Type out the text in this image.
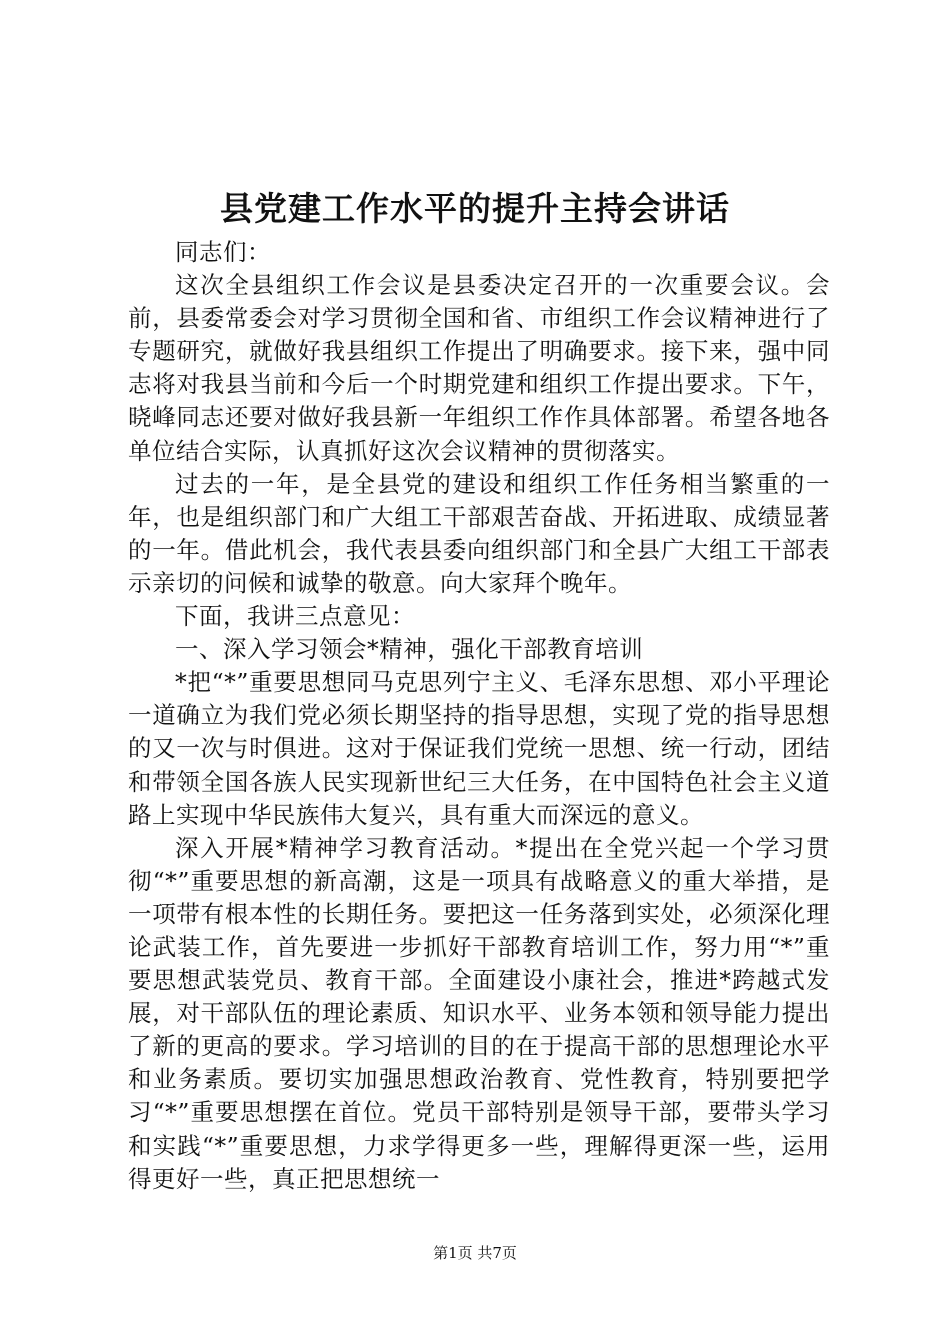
县党建工作水平的提升主持会讲话

同志们：

这次全县组织工作会议是县委决定召开的一次重要会议。会前，县委常委会对学习贯彻全国和省、市组织工作会议精神进行了专题研究，就做好我县组织工作提出了明确要求。接下来，强中同志将对我县当前和今后一个时期党建和组织工作提出要求。下午，晓峰同志还要对做好我县新一年组织工作作具体部署。希望各地各单位结合实际，认真抓好这次会议精神的贯彻落实。

过去的一年，是全县党的建设和组织工作任务相当繁重的一年，也是组织部门和广大组工干部艰苦奋战、开拓进取、成绩显著的一年。借此机会，我代表县委向组织部门和全县广大组工干部表示亲切的问候和诚挚的敬意。向大家拜个晚年。

下面，我讲三点意见：

一、深入学习领会*精神，强化干部教育培训

*把“*”重要思想同马克思列宁主义、毛泽东思想、邓小平理论一道确立为我们党必须长期坚持的指导思想，实现了党的指导思想的又一次与时俱进。这对于保证我们党统一思想、统一行动，团结和带领全国各族人民实现新世纪三大任务，在中国特色社会主义道路上实现中华民族伟大复兴，具有重大而深远的意义。

深入开展*精神学习教育活动。*提出在全党兴起一个学习贯彻“*”重要思想的新高潮，这是一项具有战略意义的重大举措，是一项带有根本性的长期任务。要把这一任务落到实处，必须深化理论武装工作，首先要进一步抓好干部教育培训工作，努力用“*”重要思想武装党员、教育干部。全面建设小康社会，推进*跨越式发展，对干部队伍的理论素质、知识水平、业务本领和领导能力提出了新的更高的要求。学习培训的目的在于提高干部的思想理论水平和业务素质。要切实加强思想政治教育、党性教育，特别要把学习“*”重要思想摆在首位。党员干部特别是领导干部，要带头学习和实践“*”重要思想，力求学得更多一些，理解得更深一些，运用得更好一些，真正把思想统一

第1页 共7页
